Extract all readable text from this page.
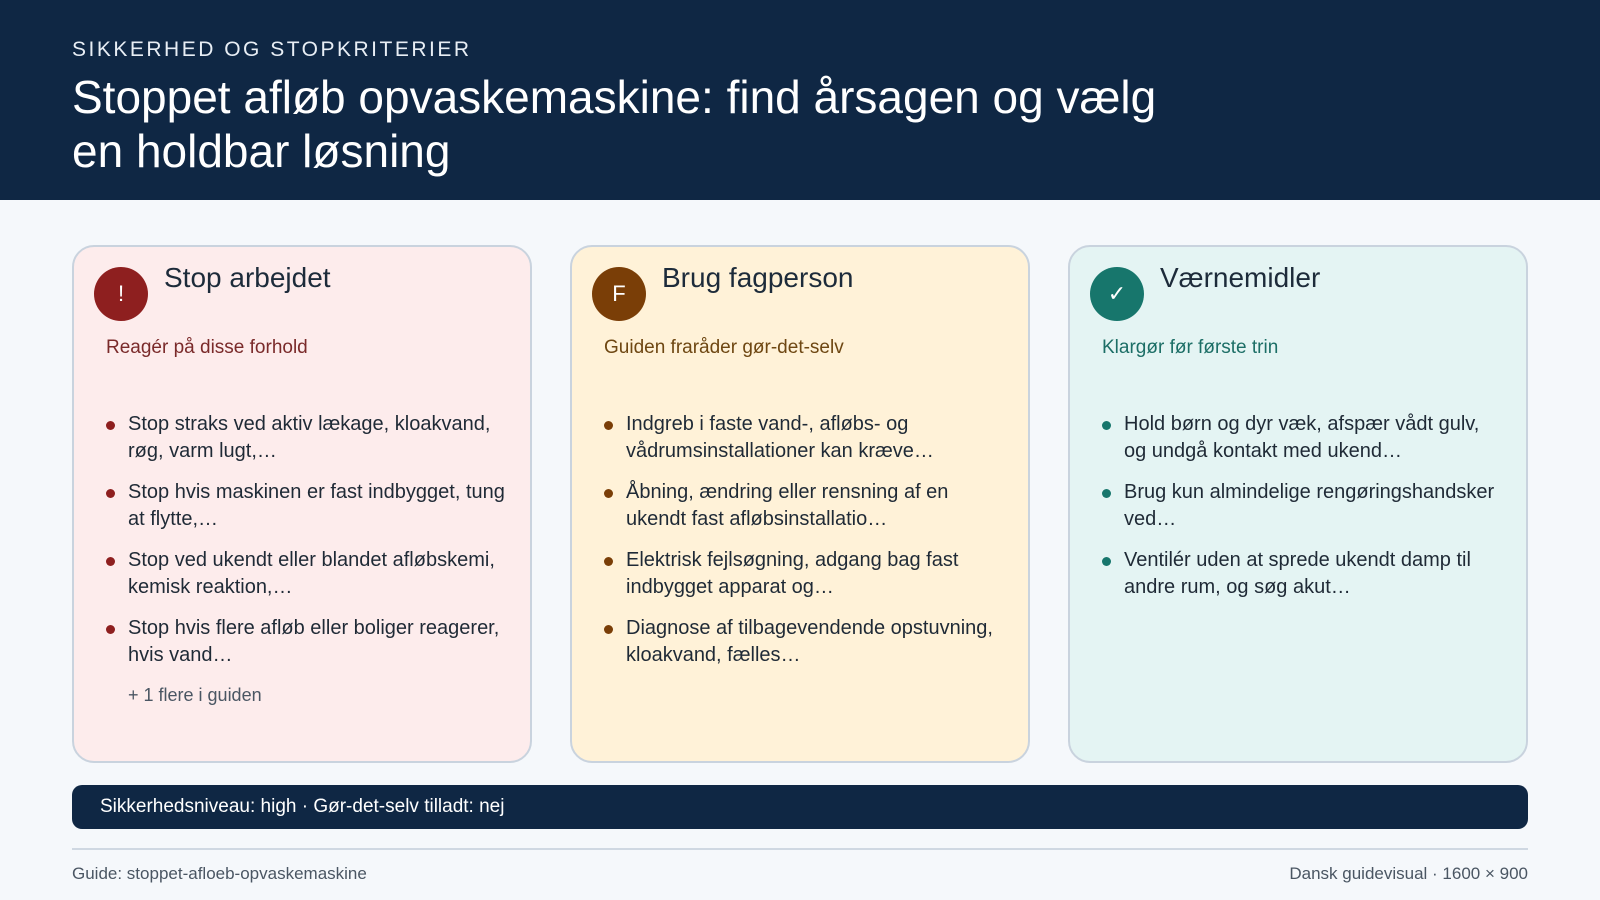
SIKKERHED OG STOPKRITERIER
Stoppet afløb opvaskemaskine: find årsagen og vælg en holdbar løsning
!
Stop arbejdet
Reagér på disse forhold
Stop straks ved aktiv lækage, kloakvand, røg, varm lugt,…
Stop hvis maskinen er fast indbygget, tung at flytte,…
Stop ved ukendt eller blandet afløbskemi, kemisk reaktion,…
Stop hvis flere afløb eller boliger reagerer, hvis vand…
+ 1 flere i guiden
F
Brug fagperson
Guiden fraråder gør-det-selv
Indgreb i faste vand-, afløbs- og vådrumsinstallationer kan kræve…
Åbning, ændring eller rensning af en ukendt fast afløbsinstallatio…
Elektrisk fejlsøgning, adgang bag fast indbygget apparat og…
Diagnose af tilbagevendende opstuvning, kloakvand, fælles…
✓
Værnemidler
Klargør før første trin
Hold børn og dyr væk, afspær vådt gulv, og undgå kontakt med ukend…
Brug kun almindelige rengøringshandsker ved…
Ventilér uden at sprede ukendt damp til andre rum, og søg akut…
Sikkerhedsniveau: high · Gør-det-selv tilladt: nej
Guide: stoppet-afloeb-opvaskemaskine	Dansk guidevisual · 1600 × 900
